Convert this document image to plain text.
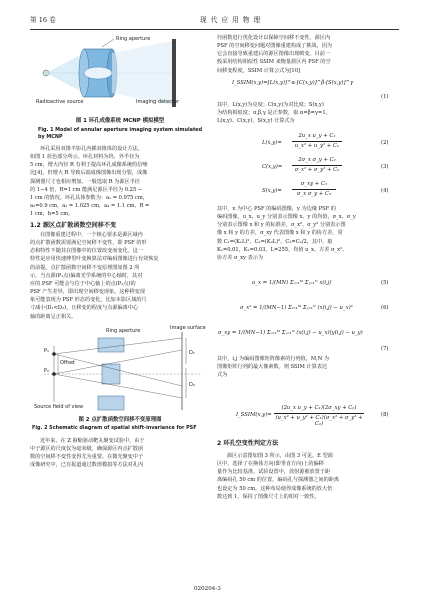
第 16 卷	现 代 应 用 物 理
Ring aperture
Radioactive source	Imaging detector
图 1 环孔成像系统 MCNP 模拟模型
Fig. 1 Model of annular aperture imaging system simulated by MCNP

环孔采用双锥半影孔内插双锥体的设计方法，

如图 1 蓝色部分所示。环孔材料为钨，外半径为

5 cm，增大内径 R 有利于提高环孔成像系统的信噪

比[4]，但增大 R 导致后端成像图像出现分裂，成像

探测器尺寸也相应增加。一般选取 R 为源区半径

的 1∼4 倍，R=1 cm 能满足源区半径为 0.25 ∼

1 cm 的情况。环孔具体参数为：a₁ = 0.975 cm，

a₂=0.9 cm，a₃ = 1.025 cm，a₄ = 1.1 cm，R =

1 cm，h=5 cm。

1.2 源区点扩散函数空间移不变

在图像重建过程中，一个核心要求是源区域内

的点扩散函数需要满足空间移不变性，即 PSF 的形

态和特性不随其在图像中的位置改变而变化。这一

特性是应用快速傅里叶变换算法对编码图像进行有效恢复

的前提。点扩散函数空间移不变原理图如图 2 所

示，当点源(P₁点)偏离光学系统的中心轴时，其对

应的 PSF 可能会与位于中心轴上的点(P₂点)的

PSF 产生差异，即出现空间移变现象。这种移变现

象可能表现为 PSF 形态的变化，比如本影区域的尺

寸减小(D₁<D₂)，且移变的程度与点源偏离中心

轴的距离呈正相关。

P₂
P₁
Offset
D₁
D₂
Ring aperture	Image surface
Source field of view
图 2 点扩散函数空间移不变原理图
Fig. 2 Schematic diagram of spatial shift-invariance for PSF

近年来，在 Z 箍缩驱动靶丸聚变试验中，由于

中子源区的尺度仅为毫米级，确保源区内点扩散函

数的空间移不变性变得尤为重要。在微光聚变中子

成像研究中，已有报道通过数值模拟等方法对孔内

径函数进行优化设计以保障空间移不变性。源区内

PSF 的空间移变问题对图像重建构成了挑战，因为

它会直接导致重建后的源区图像出现畸变。目前一

般采用结构相似性 SSIM 来衡量源区内 PSF 的空

间移变程度，SSIM 计算公式为[10]

I_SSIM(x,y)=[L(x,y)]^α·[C(x,y)]^β·[S(x,y)]^γ
(1)

其中，L(x,y)为亮度；C(x,y)为对比度；S(x,y)

为结构相似度；α,β,γ 是正参数，取 α=β=γ=1。

L(x,y)、C(x,y)、S(x,y) 计算式为

L(x,y)=
2u_x u_y + C₁
u_x² + u_y² + C₁	(2)
C(x,y)=
2σ_x σ_y + C₂
σ_x² + σ_y² + C₂	(3)
S(x,y)=
σ_xy + C₃
σ_x σ_y + C₃	(4)

其中，x 为中心 PSF 的编码图像，y 为边缘 PSF 的

编码图像，u_x、u_y 分别表示图像 x、y 的均值，σ_x、σ_y

分别表示图像 x 和 y 的标准差，σ_x²、σ_y² 分别表示图

像 x 和 y 的方差，σ_xy 代表图像 x 和 y 的协方差，常

数 C₁=(K₁L)²，C₂=(K₂L)²，C₃=C₂/2，其中，取

K₁=0.01，K₂=0.03，L=255，均值 u_x、方差 σ_x²、

协方差 σ_xy 表示为

u_x = 1/(MN) Σᵢ₌₁ᴹ Σⱼ₌₁ᴺ x(i,j)	(5)
σ_x² = 1/(MN−1) Σᵢ₌₁ᴹ Σⱼ₌₁ᴺ (x(i,j) − u_x)²	(6)
σ_xy = 1/(MN−1) Σᵢ₌₁ᴹ Σⱼ₌₁ᴺ (x(i,j) − u_x)(y(i,j) − u_y)
(7)

其中，i,j 为编码图像矩阵像素的行列值，M,N 为

图像矩阵行列的最大像素数。则 SSIM 计算表达

式为

I_SSIM(x,y)=
(2u_x u_y + C₁)(2σ_xy + C₂)
(u_x² + u_y² + C₁)(σ_x² + σ_y² + C₂)
(8)
2 环孔空变性判定方法

源区示意图如图 3 所示，由图 3 可见，E 型源

区中，选择了在换体方向(即垂直方向)上的偏移

量作为比较基准。试验设置中，放射源被放置于距

离编码孔 50 cm 的位置，编码孔与探测器之间的距离

也设定为 50 cm，这种布局使得成像系统的放大倍

数达到 1，保持了图像尺寸上的相对一致性。

020204-3
